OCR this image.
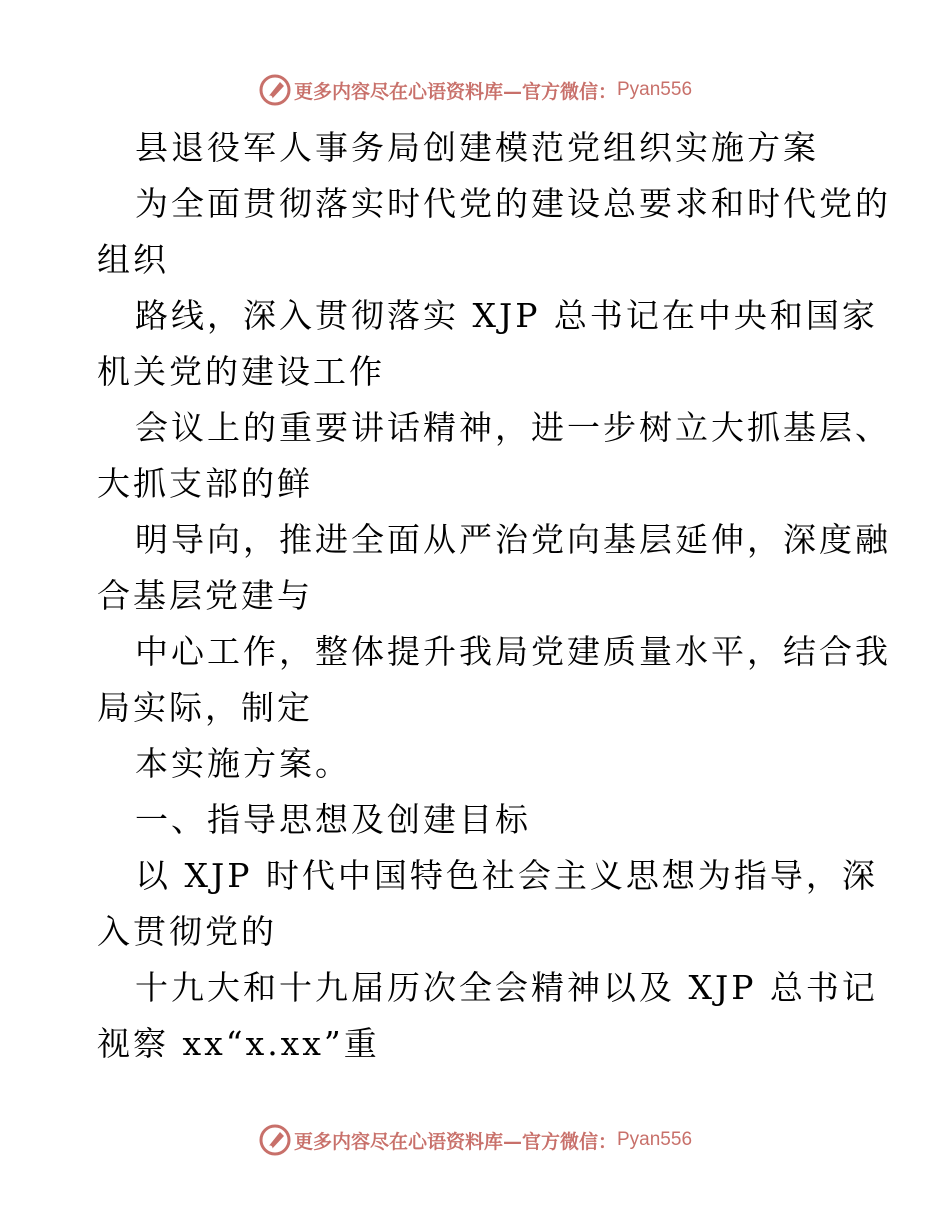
更多内容尽在心语资料库—官方微信： Pyan556
县退役军人事务局创建模范党组织实施方案
为全面贯彻落实时代党的建设总要求和时代党的
组织
路线，深入贯彻落实 XJP 总书记在中央和国家
机关党的建设工作
会议上的重要讲话精神，进一步树立大抓基层、
大抓支部的鲜
明导向，推进全面从严治党向基层延伸，深度融
合基层党建与
中心工作，整体提升我局党建质量水平，结合我
局实际，制定
本实施方案。
一、指导思想及创建目标
以 XJP 时代中国特色社会主义思想为指导，深
入贯彻党的
十九大和十九届历次全会精神以及 XJP 总书记
视察 xx“x.xx”重
更多内容尽在心语资料库—官方微信： Pyan556
